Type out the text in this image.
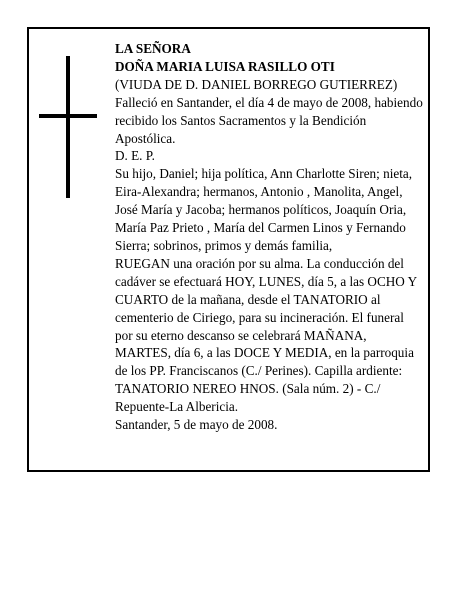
LA SEÑORA

DOÑA MARIA LUISA RASILLO OTI

(VIUDA DE D. DANIEL BORREGO GUTIERREZ)

Falleció en Santander, el día 4 de mayo de 2008, habiendo recibido los Santos Sacramentos y la Bendición Apostólica.

D. E. P.

Su hijo, Daniel; hija política, Ann Charlotte Siren; nieta, Eira-Alexandra; hermanos, Antonio , Manolita, Angel, José María y Jacoba; hermanos políticos, Joaquín Oria, María Paz Prieto , María del Carmen Linos y Fernando Sierra; sobrinos, primos y demás familia,

RUEGAN una oración por su alma. La conducción del cadáver se efectuará HOY, LUNES, día 5, a las OCHO Y CUARTO de la mañana, desde el TANATORIO al cementerio de Ciriego, para su incineración. El funeral por su eterno descanso se celebrará MAÑANA, MARTES, día 6, a las DOCE Y MEDIA, en la parroquia de los PP. Franciscanos (C./ Perines). Capilla ardiente: TANATORIO NEREO HNOS. (Sala núm. 2) - C./ Repuente-La Albericia.

Santander, 5 de mayo de 2008.
